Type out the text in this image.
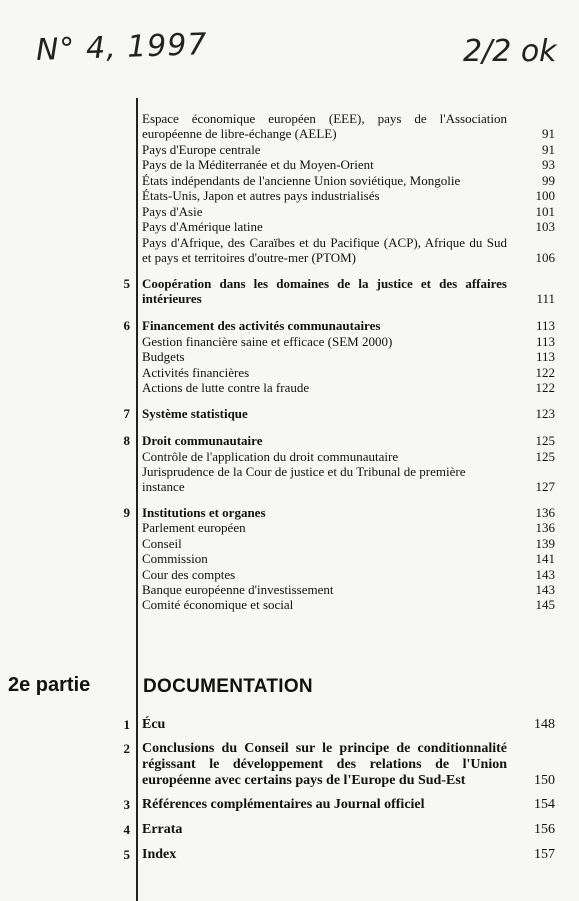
N° 4, 1997	2/2 ok
Espace économique européen (EEE), pays de l'Association européenne de libre-échange (AELE)	91
Pays d'Europe centrale	91
Pays de la Méditerranée et du Moyen-Orient	93
États indépendants de l'ancienne Union soviétique, Mongolie	99
États-Unis, Japon et autres pays industrialisés	100
Pays d'Asie	101
Pays d'Amérique latine	103
Pays d'Afrique, des Caraïbes et du Pacifique (ACP), Afrique du Sud et pays et territoires d'outre-mer (PTOM)	106
5 Coopération dans les domaines de la justice et des affaires intérieures	111
6 Financement des activités communautaires	113
Gestion financière saine et efficace (SEM 2000)	113
Budgets	113
Activités financières	122
Actions de lutte contre la fraude	122
7 Système statistique	123
8 Droit communautaire	125
Contrôle de l'application du droit communautaire	125
Jurisprudence de la Cour de justice et du Tribunal de première instance	127
9 Institutions et organes	136
Parlement européen	136
Conseil	139
Commission	141
Cour des comptes	143
Banque européenne d'investissement	143
Comité économique et social	145
2e partie	DOCUMENTATION
1 Écu	148
2 Conclusions du Conseil sur le principe de conditionnalité régissant le développement des relations de l'Union européenne avec certains pays de l'Europe du Sud-Est	150
3 Références complémentaires au Journal officiel	154
4 Errata	156
5 Index	157
